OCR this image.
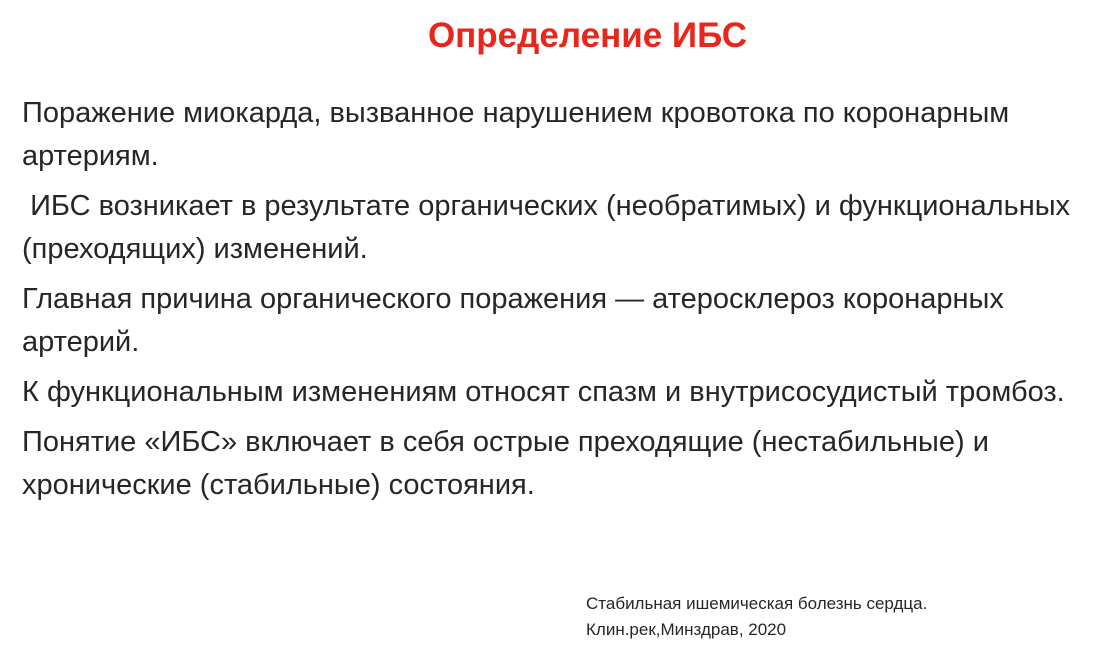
Определение ИБС

Поражение миокарда, вызванное нарушением кровотока по коронарным артериям.

ИБС возникает в результате органических (необратимых) и функциональных (преходящих) изменений.

Главная причина органического поражения — атеросклероз коронарных артерий.

К функциональным изменениям относят спазм и внутрисосудистый тромбоз.

Понятие «ИБС» включает в себя острые преходящие (нестабильные) и хронические (стабильные) состояния.

Стабильная ишемическая болезнь сердца.
Клин.рек,Минздрав, 2020
